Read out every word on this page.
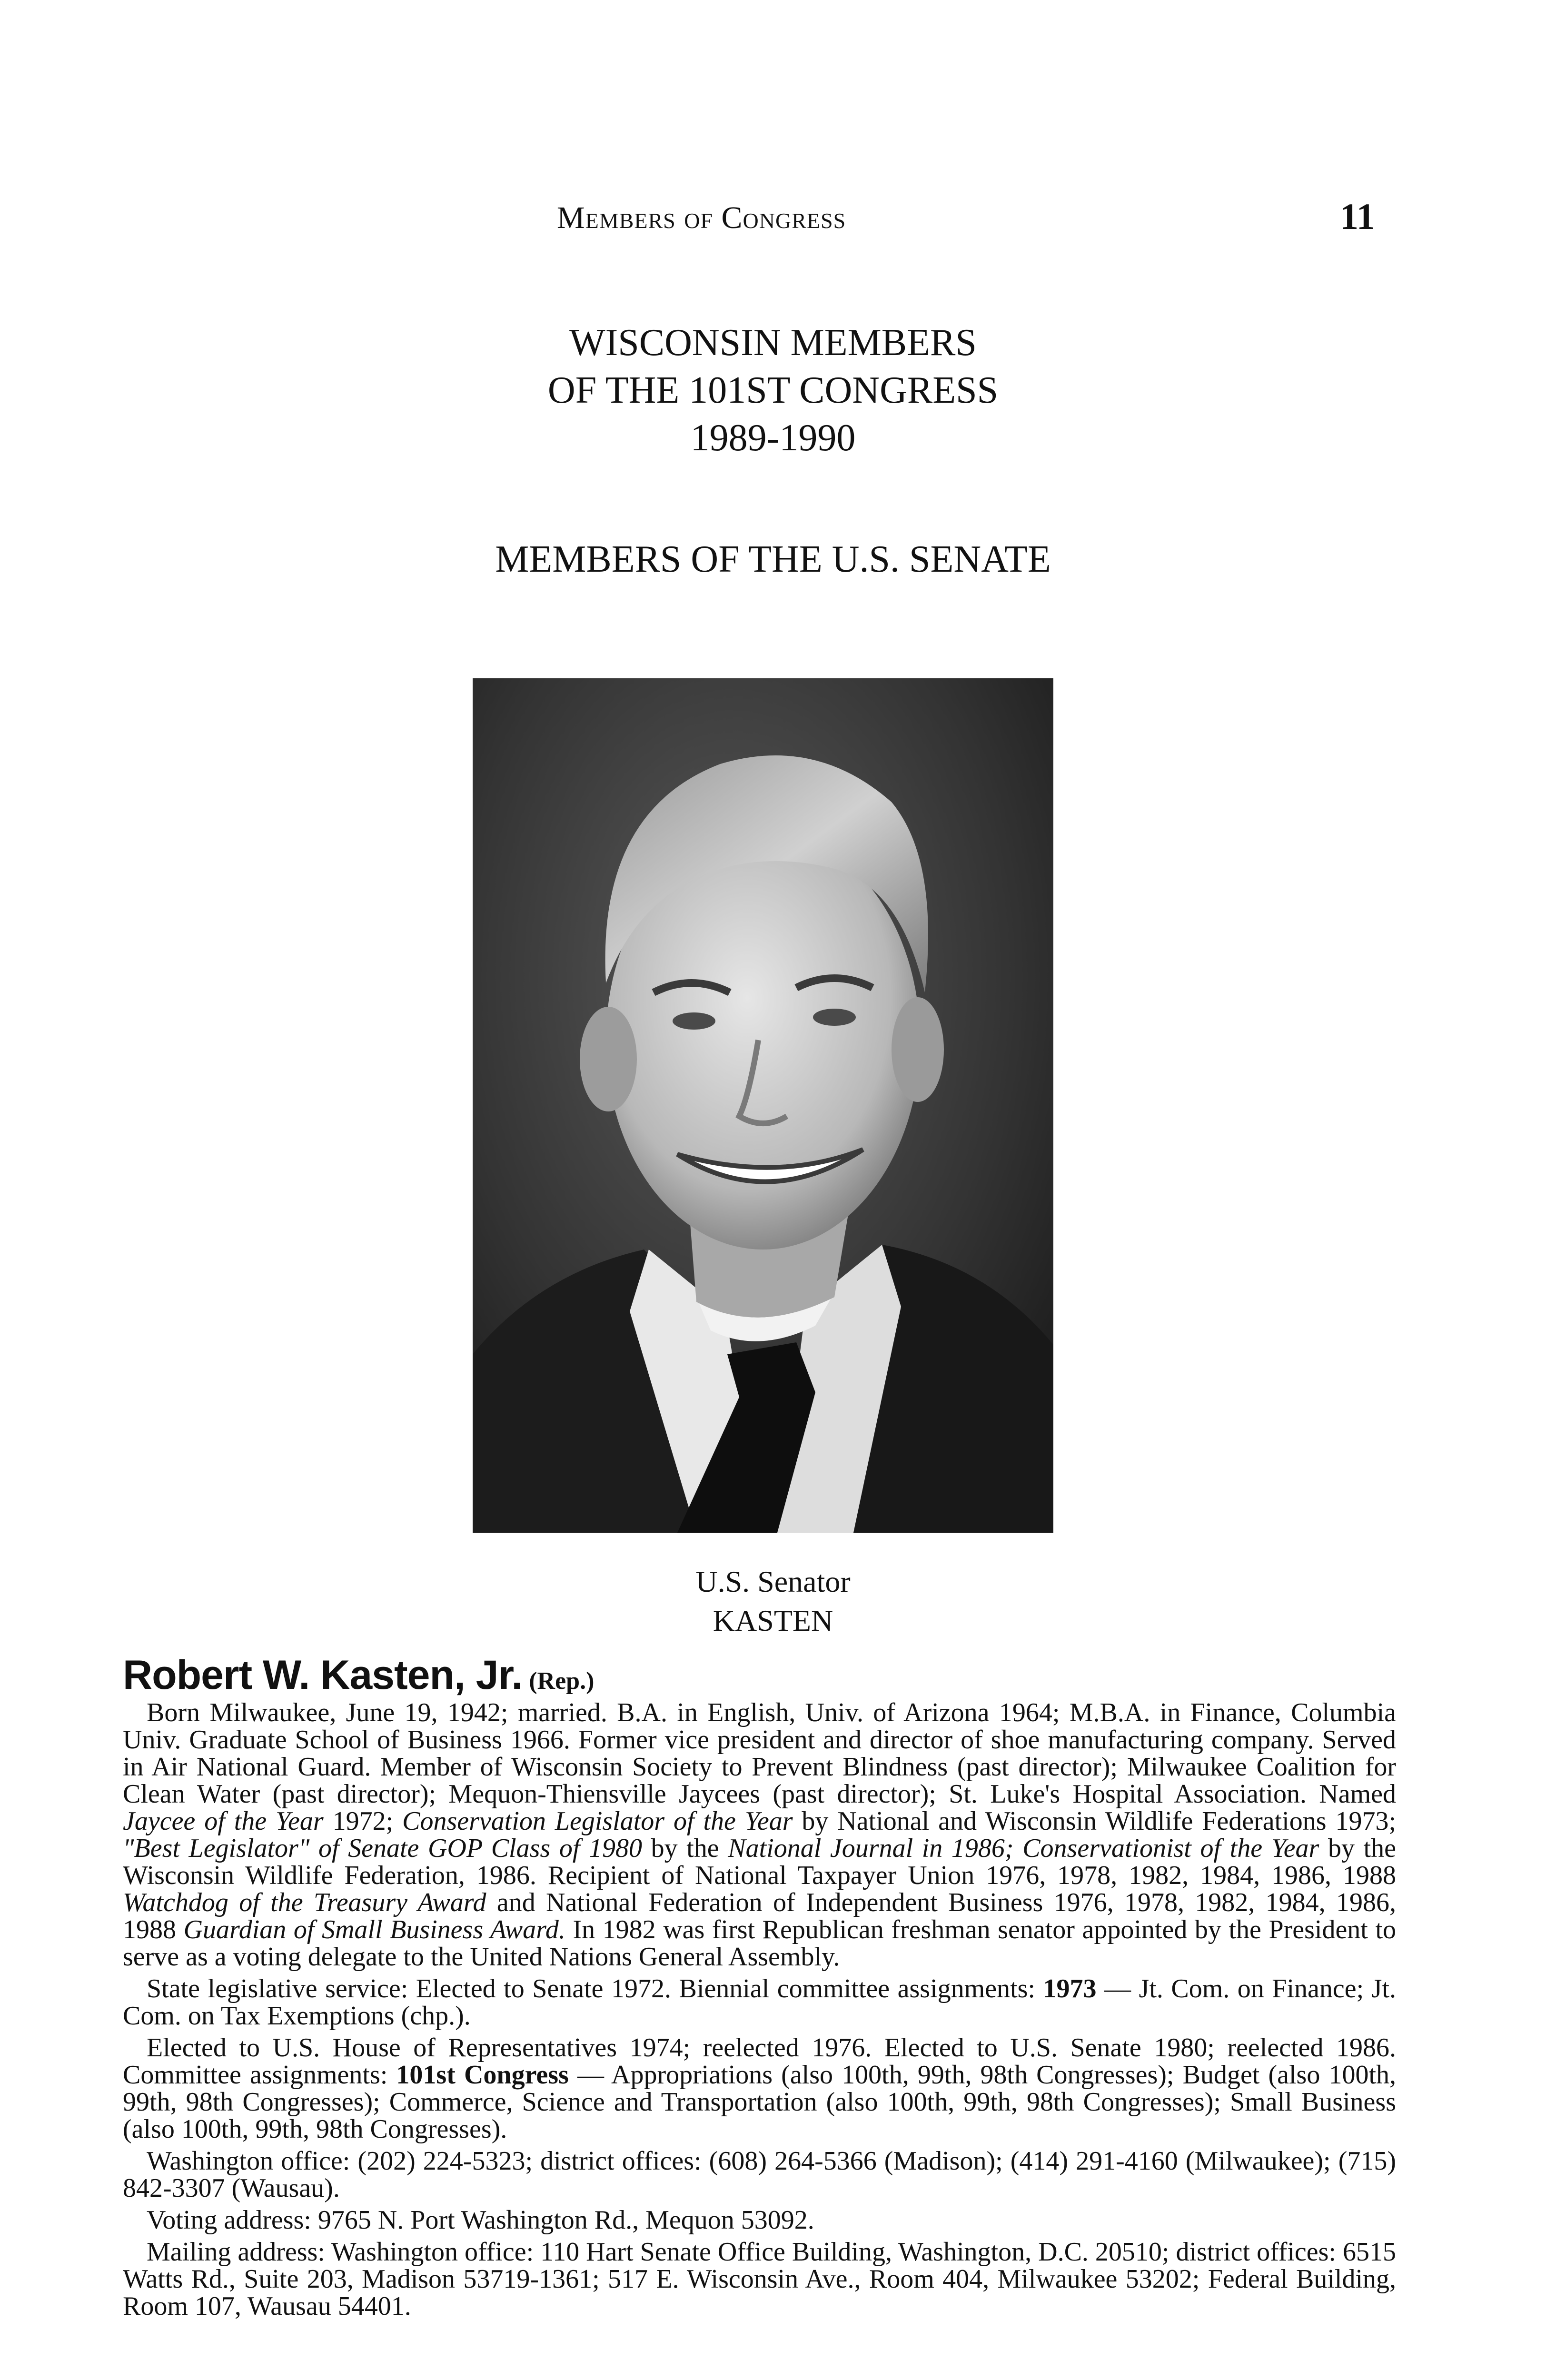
Members of Congress	11
WISCONSIN MEMBERS
OF THE 101ST CONGRESS
1989-1990
MEMBERS OF THE U.S. SENATE
U.S. Senator
KASTEN
Robert W. Kasten, Jr. (Rep.)

Born Milwaukee, June 19, 1942; married. B.A. in English, Univ. of Arizona 1964; M.B.A. in Finance, Columbia Univ. Graduate School of Business 1966. Former vice president and director of shoe manufacturing company. Served in Air National Guard. Member of Wisconsin Society to Prevent Blindness (past director); Milwaukee Coalition for Clean Water (past director); Mequon-Thiensville Jaycees (past director); St. Luke's Hospital Association. Named Jaycee of the Year 1972; Conservation Legislator of the Year by National and Wisconsin Wildlife Federations 1973; "Best Legislator" of Senate GOP Class of 1980 by the National Journal in 1986; Conservationist of the Year by the Wisconsin Wildlife Federation, 1986. Recipient of National Taxpayer Union 1976, 1978, 1982, 1984, 1986, 1988 Watchdog of the Treasury Award and National Federation of Independent Business 1976, 1978, 1982, 1984, 1986, 1988 Guardian of Small Business Award. In 1982 was first Republican freshman senator appointed by the President to serve as a voting delegate to the United Nations General Assembly.

State legislative service: Elected to Senate 1972. Biennial committee assignments: 1973 — Jt. Com. on Finance; Jt. Com. on Tax Exemptions (chp.).

Elected to U.S. House of Representatives 1974; reelected 1976. Elected to U.S. Senate 1980; reelected 1986. Committee assignments: 101st Congress — Appropriations (also 100th, 99th, 98th Congresses); Budget (also 100th, 99th, 98th Congresses); Commerce, Science and Transportation (also 100th, 99th, 98th Congresses); Small Business (also 100th, 99th, 98th Congresses).

Washington office: (202) 224-5323; district offices: (608) 264-5366 (Madison); (414) 291-4160 (Milwaukee); (715) 842-3307 (Wausau).

Voting address: 9765 N. Port Washington Rd., Mequon 53092.

Mailing address: Washington office: 110 Hart Senate Office Building, Washington, D.C. 20510; district offices: 6515 Watts Rd., Suite 203, Madison 53719-1361; 517 E. Wisconsin Ave., Room 404, Milwaukee 53202; Federal Building, Room 107, Wausau 54401.
